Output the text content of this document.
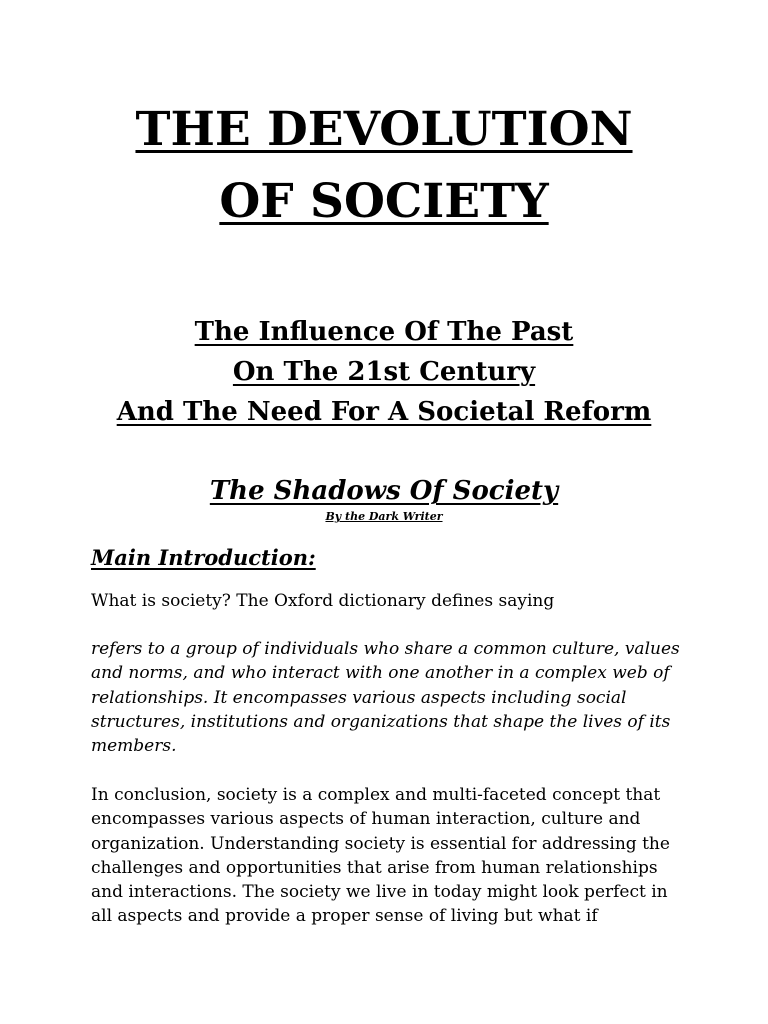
THE DEVOLUTION
OF SOCIETY
The Influence Of The Past
On The 21st Century
And The Need For A Societal Reform
The Shadows Of Society
By the Dark Writer
Main Introduction:
What is society? The Oxford dictionary defines saying
refers to a group of individuals who share a common culture, values
and norms, and who interact with one another in a complex web of
relationships. It encompasses various aspects including social
structures, institutions and organizations that shape the lives of its
members.
In conclusion, society is a complex and multi-faceted concept that
encompasses various aspects of human interaction, culture and
organization. Understanding society is essential for addressing the
challenges and opportunities that arise from human relationships
and interactions. The society we live in today might look perfect in
all aspects and provide a proper sense of living but what if
